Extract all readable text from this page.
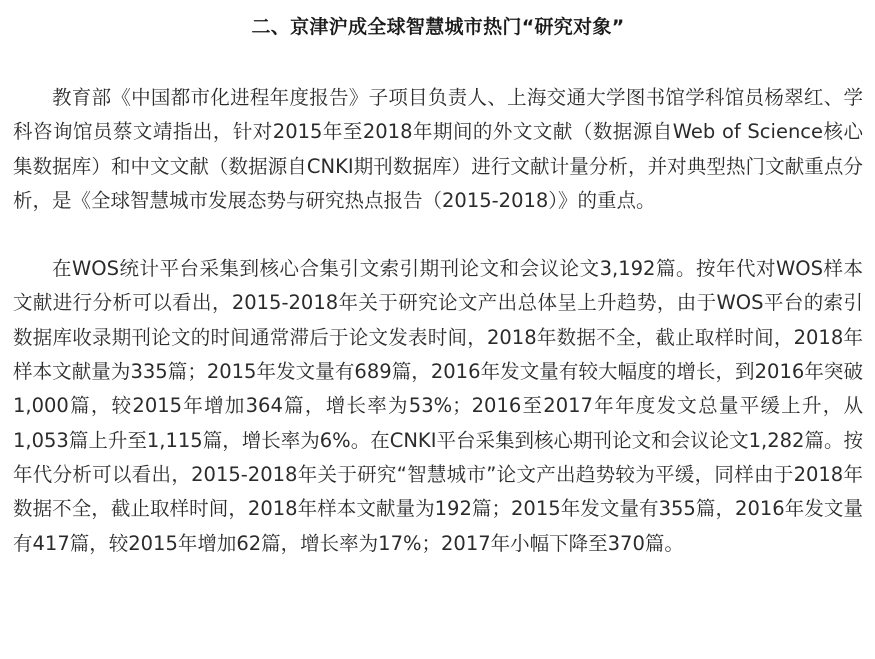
二、京津沪成全球智慧城市热门“研究对象”

教育部《中国都市化进程年度报告》子项目负责人、上海交通大学图书馆学科馆员杨翠红、学科咨询馆员蔡文靖指出，针对2015年至2018年期间的外文文献（数据源自Web of Science核心集数据库）和中文文献（数据源自CNKI期刊数据库）进行文献计量分析，并对典型热门文献重点分析，是《全球智慧城市发展态势与研究热点报告（2015-2018）》的重点。

在WOS统计平台采集到核心合集引文索引期刊论文和会议论文3,192篇。按年代对WOS样本文献进行分析可以看出，2015-2018年关于研究论文产出总体呈上升趋势，由于WOS平台的索引数据库收录期刊论文的时间通常滞后于论文发表时间，2018年数据不全，截止取样时间，2018年样本文献量为335篇；2015年发文量有689篇，2016年发文量有较大幅度的增长，到2016年突破1,000篇，较2015年增加364篇，增长率为53%；2016至2017年年度发文总量平缓上升，从1,053篇上升至1,115篇，增长率为6%。在CNKI平台采集到核心期刊论文和会议论文1,282篇。按年代分析可以看出，2015-2018年关于研究“智慧城市”论文产出趋势较为平缓，同样由于2018年数据不全，截止取样时间，2018年样本文献量为192篇；2015年发文量有355篇，2016年发文量有417篇，较2015年增加62篇，增长率为17%；2017年小幅下降至370篇。
